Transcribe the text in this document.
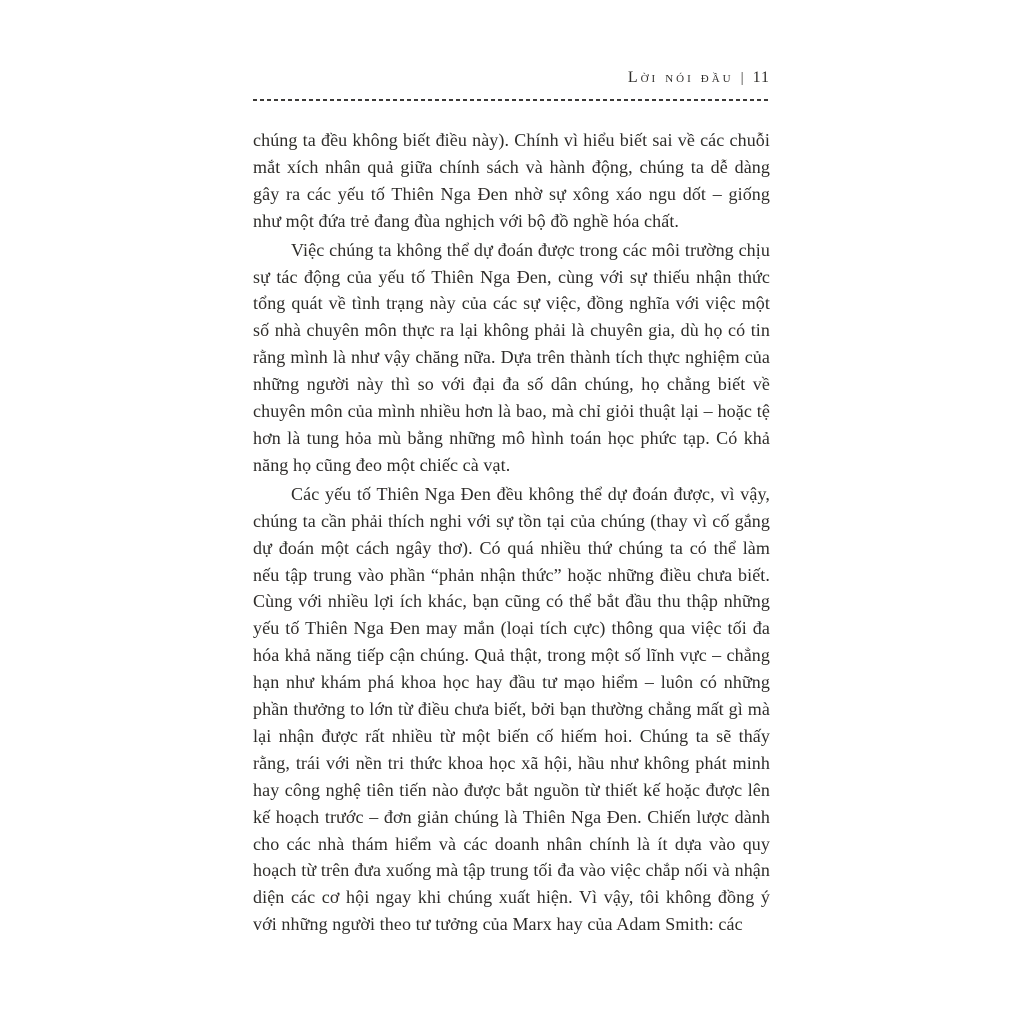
Lời nói đầu | 11

chúng ta đều không biết điều này). Chính vì hiểu biết sai về các chuỗi mắt xích nhân quả giữa chính sách và hành động, chúng ta dễ dàng gây ra các yếu tố Thiên Nga Đen nhờ sự xông xáo ngu dốt – giống như một đứa trẻ đang đùa nghịch với bộ đồ nghề hóa chất.

Việc chúng ta không thể dự đoán được trong các môi trường chịu sự tác động của yếu tố Thiên Nga Đen, cùng với sự thiếu nhận thức tổng quát về tình trạng này của các sự việc, đồng nghĩa với việc một số nhà chuyên môn thực ra lại không phải là chuyên gia, dù họ có tin rằng mình là như vậy chăng nữa. Dựa trên thành tích thực nghiệm của những người này thì so với đại đa số dân chúng, họ chẳng biết về chuyên môn của mình nhiều hơn là bao, mà chỉ giỏi thuật lại – hoặc tệ hơn là tung hỏa mù bằng những mô hình toán học phức tạp. Có khả năng họ cũng đeo một chiếc cà vạt.

Các yếu tố Thiên Nga Đen đều không thể dự đoán được, vì vậy, chúng ta cần phải thích nghi với sự tồn tại của chúng (thay vì cố gắng dự đoán một cách ngây thơ). Có quá nhiều thứ chúng ta có thể làm nếu tập trung vào phần “phản nhận thức” hoặc những điều chưa biết. Cùng với nhiều lợi ích khác, bạn cũng có thể bắt đầu thu thập những yếu tố Thiên Nga Đen may mắn (loại tích cực) thông qua việc tối đa hóa khả năng tiếp cận chúng. Quả thật, trong một số lĩnh vực – chẳng hạn như khám phá khoa học hay đầu tư mạo hiểm – luôn có những phần thưởng to lớn từ điều chưa biết, bởi bạn thường chẳng mất gì mà lại nhận được rất nhiều từ một biến cố hiếm hoi. Chúng ta sẽ thấy rằng, trái với nền tri thức khoa học xã hội, hầu như không phát minh hay công nghệ tiên tiến nào được bắt nguồn từ thiết kế hoặc được lên kế hoạch trước – đơn giản chúng là Thiên Nga Đen. Chiến lược dành cho các nhà thám hiểm và các doanh nhân chính là ít dựa vào quy hoạch từ trên đưa xuống mà tập trung tối đa vào việc chắp nối và nhận diện các cơ hội ngay khi chúng xuất hiện. Vì vậy, tôi không đồng ý với những người theo tư tưởng của Marx hay của Adam Smith: các
